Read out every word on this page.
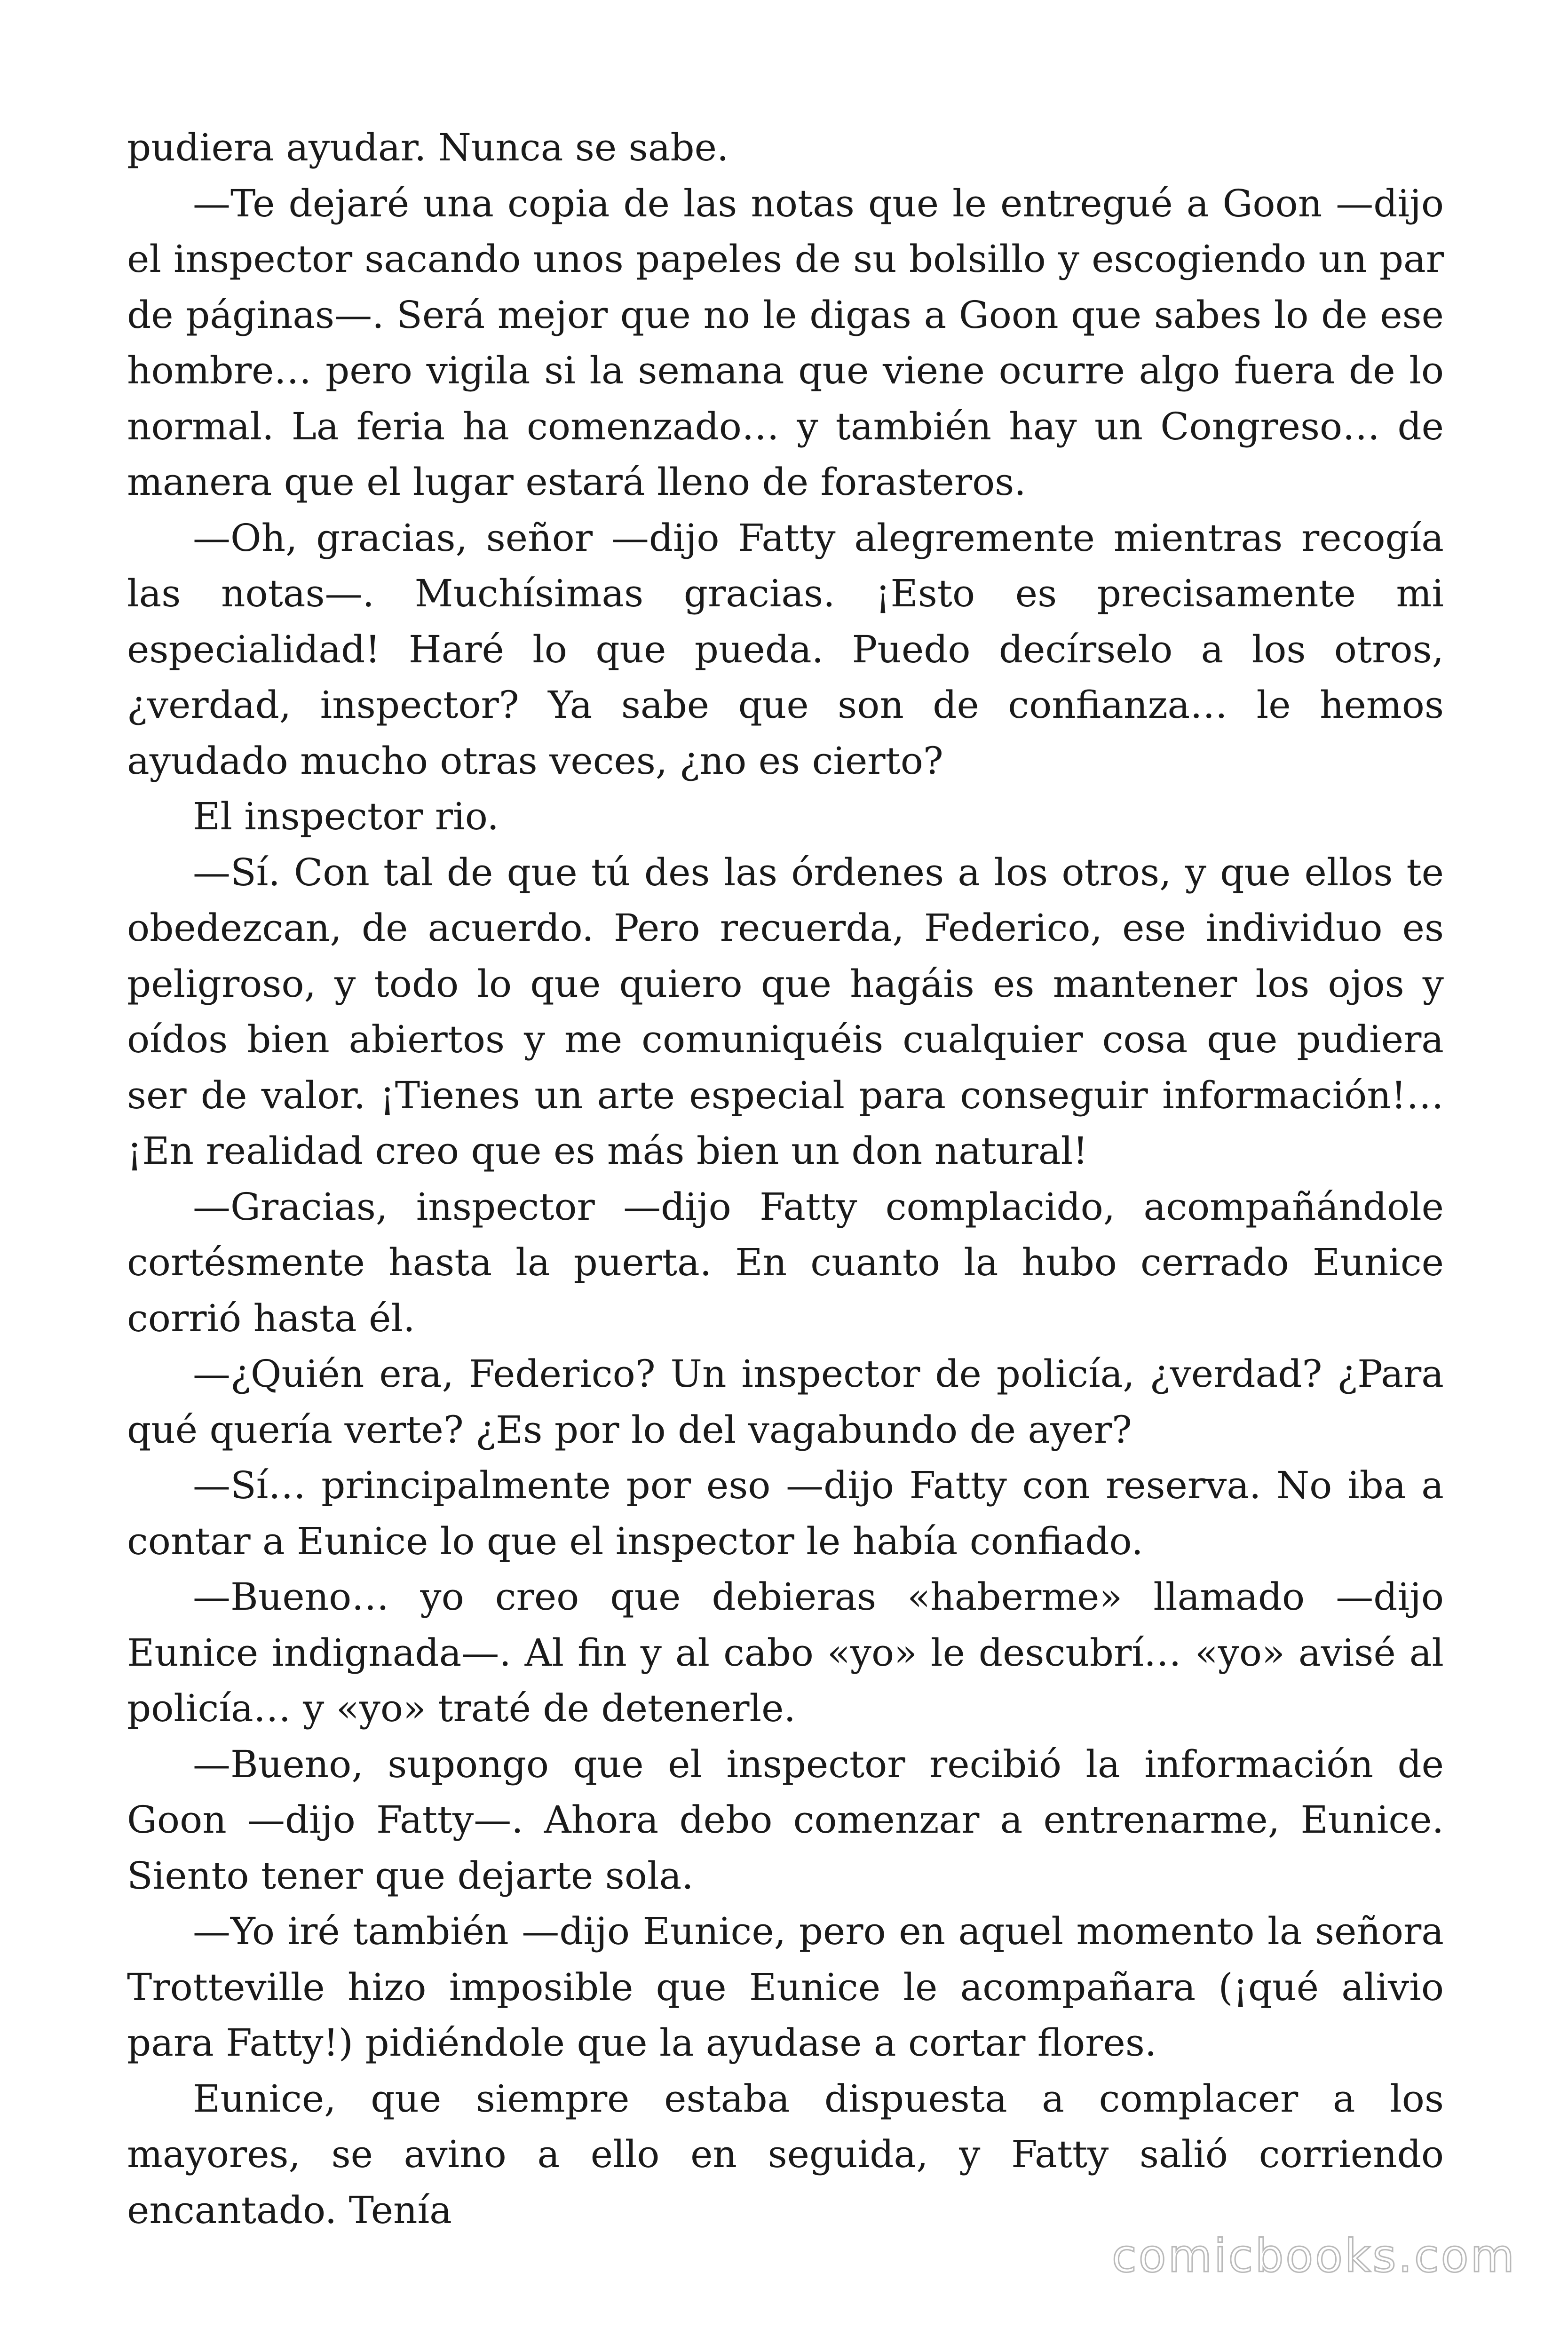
pudiera ayudar. Nunca se sabe.

—Te dejaré una copia de las notas que le entregué a Goon —dijo el inspector sacando unos papeles de su bolsillo y escogiendo un par de páginas—. Será mejor que no le digas a Goon que sabes lo de ese hombre… pero vigila si la semana que viene ocurre algo fuera de lo normal. La feria ha comenzado… y también hay un Congreso… de manera que el lugar estará lleno de forasteros.

—Oh, gracias, señor —dijo Fatty alegremente mientras recogía las notas—. Muchísimas gracias. ¡Esto es precisamente mi especialidad! Haré lo que pueda. Puedo decírselo a los otros, ¿verdad, inspector? Ya sabe que son de confianza… le hemos ayudado mucho otras veces, ¿no es cierto?

El inspector rio.

—Sí. Con tal de que tú des las órdenes a los otros, y que ellos te obedezcan, de acuerdo. Pero recuerda, Federico, ese individuo es peligroso, y todo lo que quiero que hagáis es mantener los ojos y oídos bien abiertos y me comuniquéis cualquier cosa que pudiera ser de valor. ¡Tienes un arte especial para conseguir información!… ¡En realidad creo que es más bien un don natural!

—Gracias, inspector —dijo Fatty complacido, acompañándole cortésmente hasta la puerta. En cuanto la hubo cerrado Eunice corrió hasta él.

—¿Quién era, Federico? Un inspector de policía, ¿verdad? ¿Para qué quería verte? ¿Es por lo del vagabundo de ayer?

—Sí… principalmente por eso —dijo Fatty con reserva. No iba a contar a Eunice lo que el inspector le había confiado.

—Bueno… yo creo que debieras «haberme» llamado —dijo Eunice indignada—. Al fin y al cabo «yo» le descubrí… «yo» avisé al policía… y «yo» traté de detenerle.

—Bueno, supongo que el inspector recibió la información de Goon —dijo Fatty—. Ahora debo comenzar a entrenarme, Eunice. Siento tener que dejarte sola.

—Yo iré también —dijo Eunice, pero en aquel momento la señora Trotteville hizo imposible que Eunice le acompañara (¡qué alivio para Fatty!) pidiéndole que la ayudase a cortar flores.

Eunice, que siempre estaba dispuesta a complacer a los mayores, se avino a ello en seguida, y Fatty salió corriendo encantado. Tenía

comicbooks.com
